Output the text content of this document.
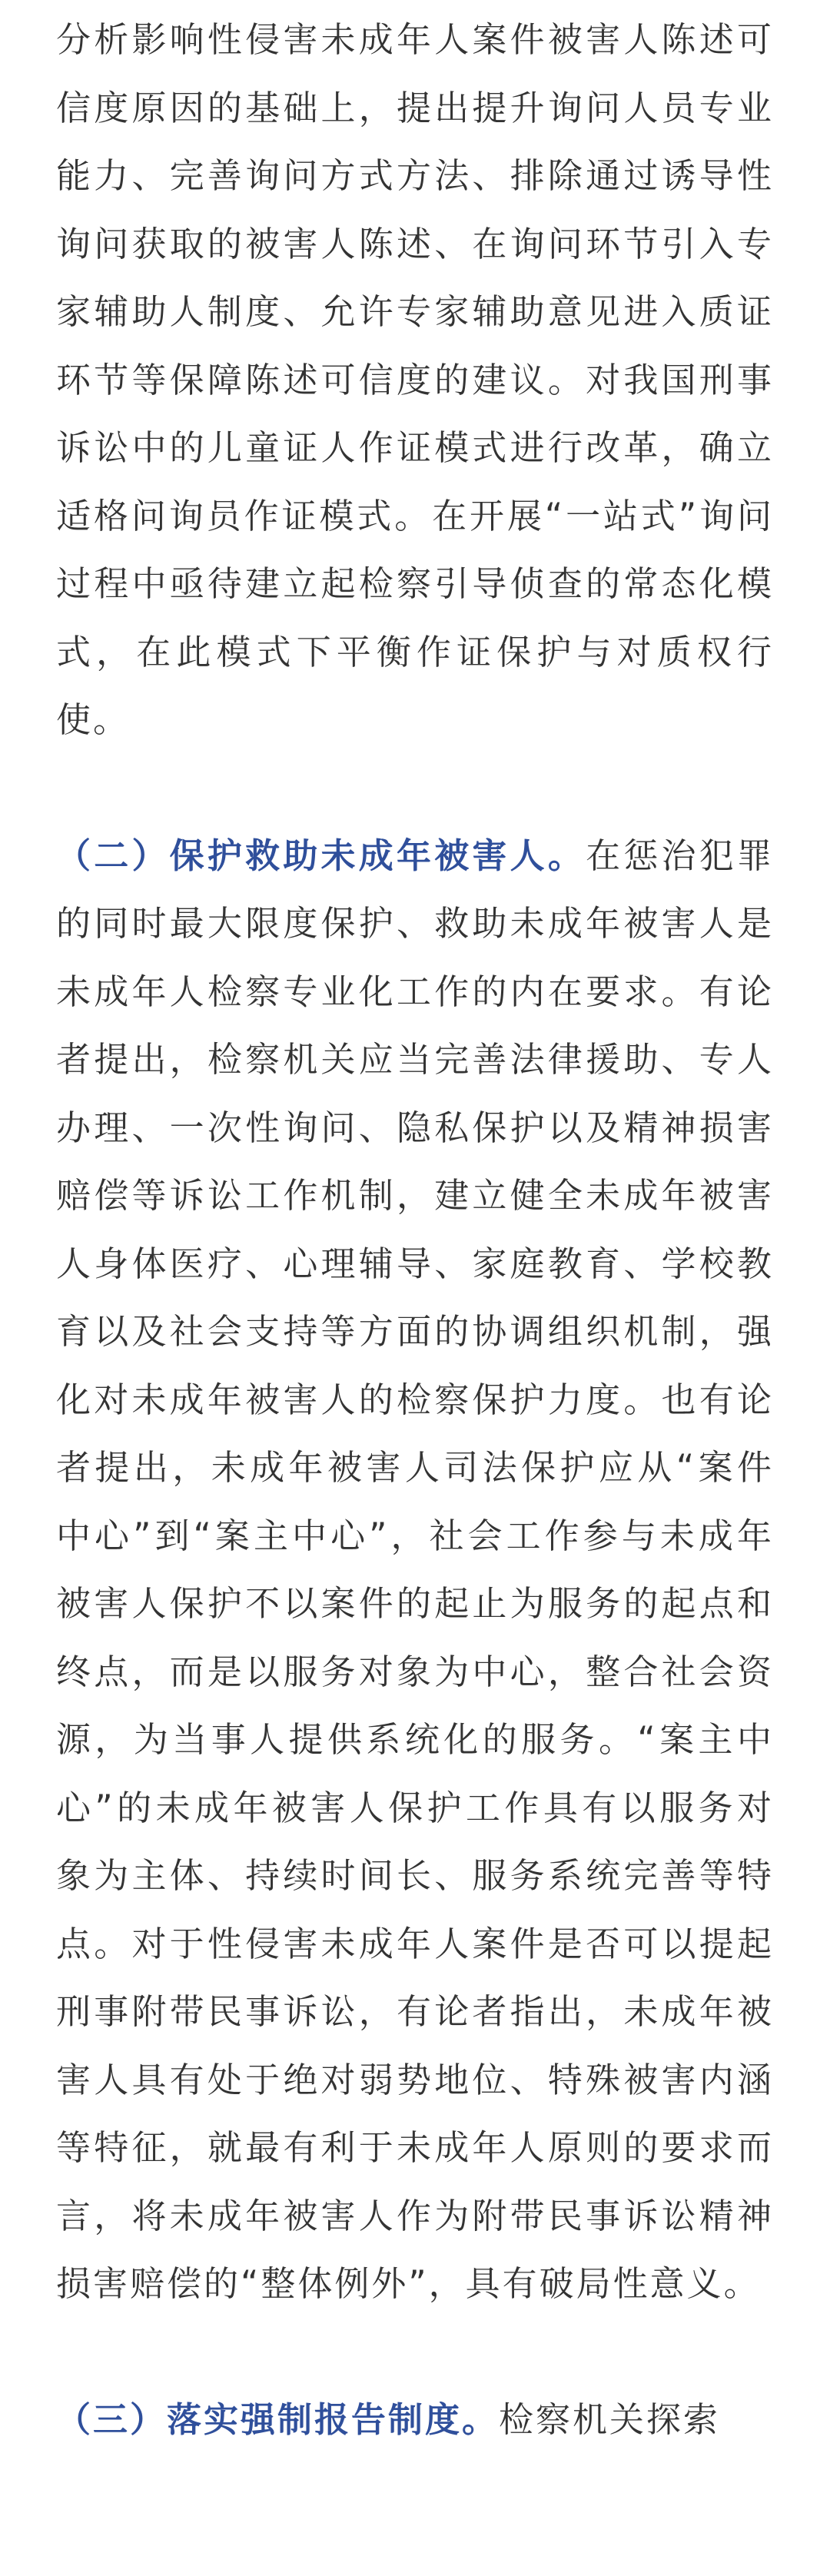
分析影响性侵害未成年人案件被害人陈述可信度原因的基础上，提出提升询问人员专业能力、完善询问方式方法、排除通过诱导性询问获取的被害人陈述、在询问环节引入专家辅助人制度、允许专家辅助意见进入质证环节等保障陈述可信度的建议。对我国刑事诉讼中的儿童证人作证模式进行改革，确立适格问询员作证模式。在开展“一站式”询问过程中亟待建立起检察引导侦查的常态化模式，在此模式下平衡作证保护与对质权行使。

（二）保护救助未成年被害人。在惩治犯罪的同时最大限度保护、救助未成年被害人是未成年人检察专业化工作的内在要求。有论者提出，检察机关应当完善法律援助、专人办理、一次性询问、隐私保护以及精神损害赔偿等诉讼工作机制，建立健全未成年被害人身体医疗、心理辅导、家庭教育、学校教育以及社会支持等方面的协调组织机制，强化对未成年被害人的检察保护力度。也有论者提出，未成年被害人司法保护应从“案件中心”到“案主中心”，社会工作参与未成年被害人保护不以案件的起止为服务的起点和终点，而是以服务对象为中心，整合社会资源，为当事人提供系统化的服务。“案主中心”的未成年被害人保护工作具有以服务对象为主体、持续时间长、服务系统完善等特点。对于性侵害未成年人案件是否可以提起刑事附带民事诉讼，有论者指出，未成年被害人具有处于绝对弱势地位、特殊被害内涵等特征，就最有利于未成年人原则的要求而言，将未成年被害人作为附带民事诉讼精神损害赔偿的“整体例外”，具有破局性意义。

（三）落实强制报告制度。检察机关探索
